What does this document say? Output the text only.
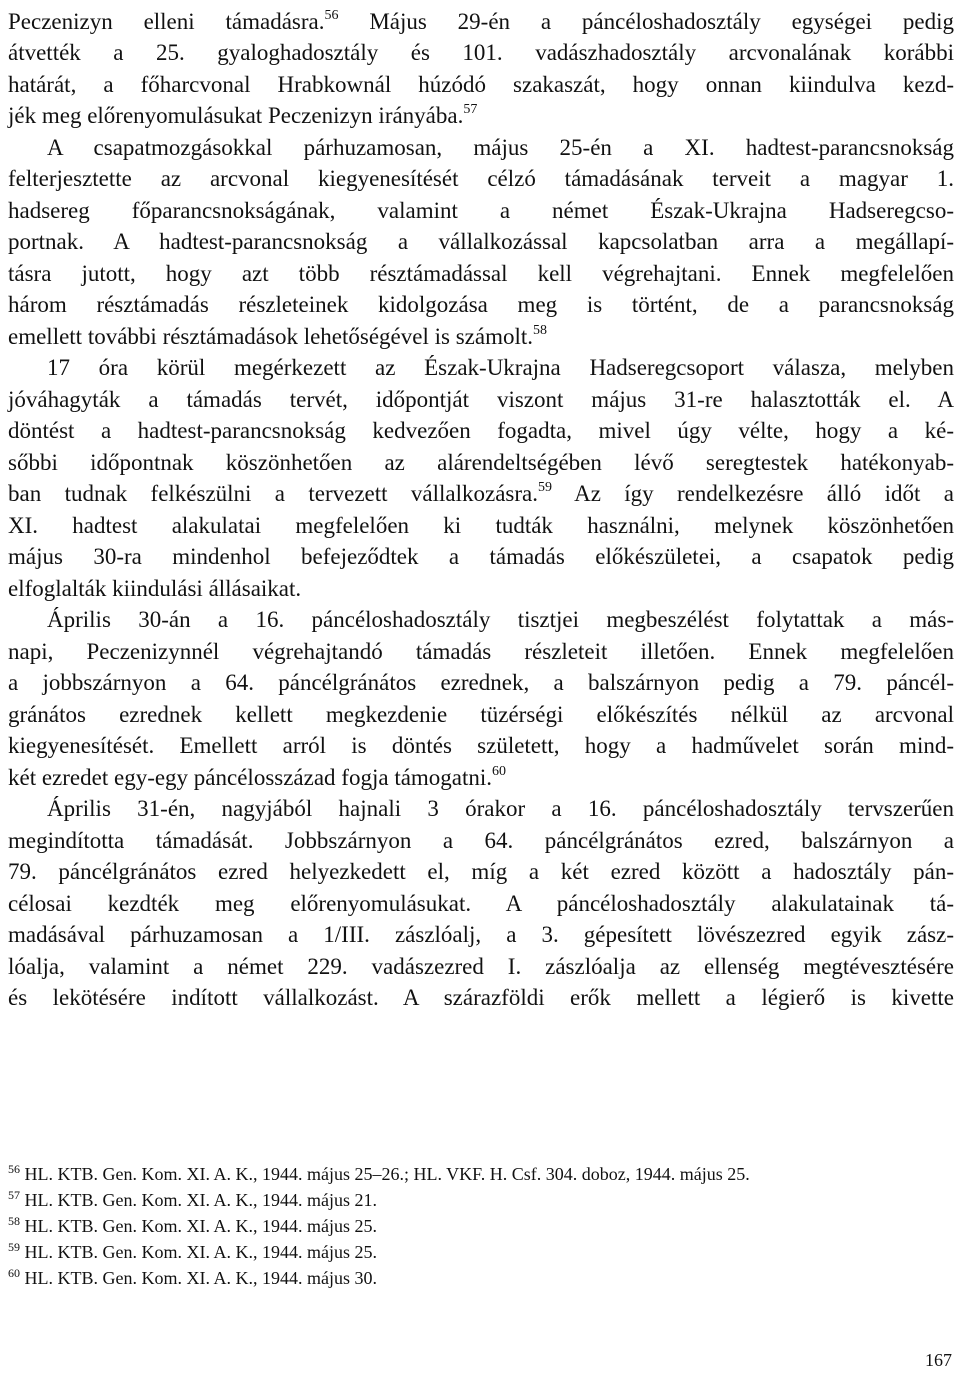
Peczenizyn elleni támadásra.$^{56}$ Május 29-én a páncéloshadosztály egységei pedig
átvették a 25. gyaloghadosztály és 101. vadászhadosztály arcvonalának korábbi
határát, a főharcvonal Hrabkownál húzódó szakaszát, hogy onnan kiindulva kezd-
jék meg előrenyomulásukat Peczenizyn irányába.$^{57}$
A csapatmozgásokkal párhuzamosan, május 25-én a XI. hadtest-parancsnokság
felterjesztette az arcvonal kiegyenesítését célzó támadásának terveit a magyar 1.
hadsereg főparancsnokságának, valamint a német Észak-Ukrajna Hadseregcso-
portnak. A hadtest-parancsnokság a vállalkozással kapcsolatban arra a megállapí-
tásra jutott, hogy azt több résztámadással kell végrehajtani. Ennek megfelelően
három résztámadás részleteinek kidolgozása meg is történt, de a parancsnokság
emellett további résztámadások lehetőségével is számolt.$^{58}$
17 óra körül megérkezett az Észak-Ukrajna Hadseregcsoport válasza, melyben
jóváhagyták a támadás tervét, időpontját viszont május 31-re halasztották el. A
döntést a hadtest-parancsnokság kedvezően fogadta, mivel úgy vélte, hogy a ké-
sőbbi időpontnak köszönhetően az alárendeltségében lévő seregtestek hatékonyab-
ban tudnak felkészülni a tervezett vállalkozásra.$^{59}$ Az így rendelkezésre álló időt a
XI. hadtest alakulatai megfelelően ki tudták használni, melynek köszönhetően
május 30-ra mindenhol befejeződtek a támadás előkészületei, a csapatok pedig
elfoglalták kiindulási állásaikat.
Április 30-án a 16. páncéloshadosztály tisztjei megbeszélést folytattak a más-
napi, Peczenizynnél végrehajtandó támadás részleteit illetően. Ennek megfelelően
a jobbszárnyon a 64. páncélgránátos ezrednek, a balszárnyon pedig a 79. páncél-
gránátos ezrednek kellett megkezdenie tüzérségi előkészítés nélkül az arcvonal
kiegyenesítését. Emellett arról is döntés született, hogy a hadművelet során mind-
két ezredet egy-egy páncélosszázad fogja támogatni.$^{60}$
Április 31-én, nagyjából hajnali 3 órakor a 16. páncéloshadosztály tervszerűen
megindította támadását. Jobbszárnyon a 64. páncélgránátos ezred, balszárnyon a
79. páncélgránátos ezred helyezkedett el, míg a két ezred között a hadosztály pán-
célosai kezdték meg előrenyomulásukat. A páncéloshadosztály alakulatainak tá-
madásával párhuzamosan a 1/III. zászlóalj, a 3. gépesített lövészezred egyik zász-
lóalja, valamint a német 229. vadászezred I. zászlóalja az ellenség megtévesztésére
és lekötésére indított vállalkozást. A szárazföldi erők mellett a légierő is kivette
$^{56}$ HL. KTB. Gen. Kom. XI. A. K., 1944. május 25–26.; HL. VKF. H. Csf. 304. doboz, 1944. május 25.
$^{57}$ HL. KTB. Gen. Kom. XI. A. K., 1944. május 21.
$^{58}$ HL. KTB. Gen. Kom. XI. A. K., 1944. május 25.
$^{59}$ HL. KTB. Gen. Kom. XI. A. K., 1944. május 25.
$^{60}$ HL. KTB. Gen. Kom. XI. A. K., 1944. május 30.
167
